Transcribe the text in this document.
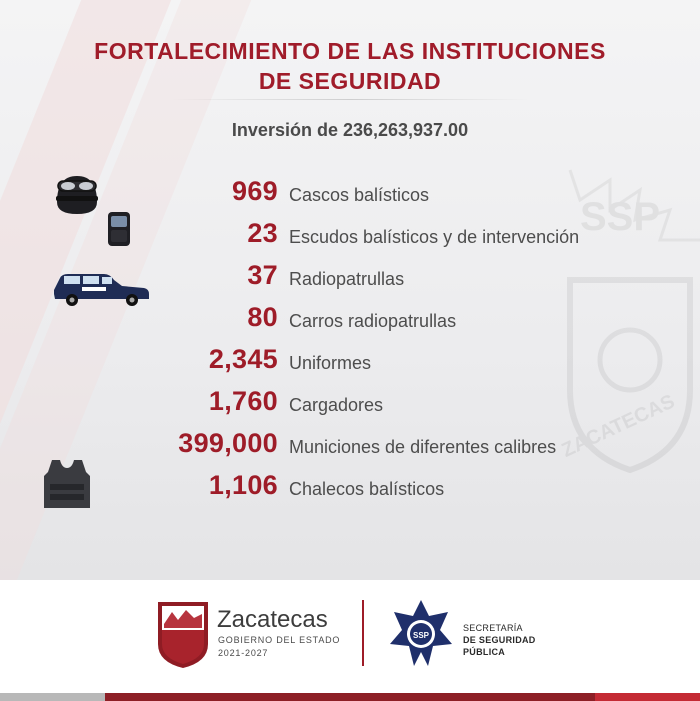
SSP
ZACATECAS
FORTALECIMIENTO DE LAS INSTITUCIONES
DE SEGURIDAD
Inversión de 236,263,937.00
969 Cascos balísticos
23 Escudos balísticos y de intervención
37 Radiopatrullas
80 Carros radiopatrullas
2,345 Uniformes
1,760 Cargadores
399,000 Municiones de diferentes calibres
1,106 Chalecos balísticos
Zacatecas
GOBIERNO DEL ESTADO
2021-2027
SSP
SECRETARÍA
DE SEGURIDAD
PÚBLICA
